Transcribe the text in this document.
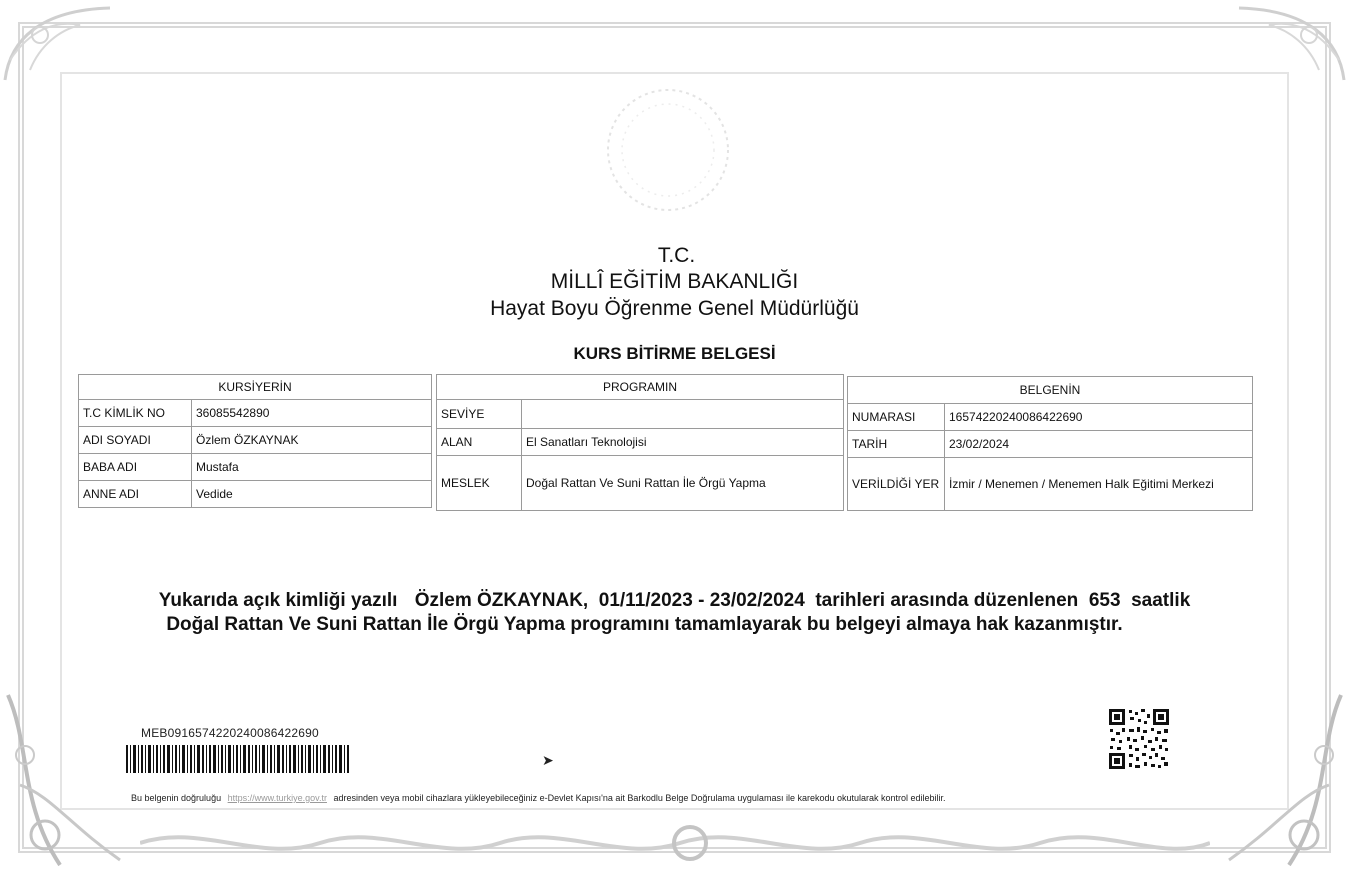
T.C.
MİLLÎ EĞİTİM BAKANLIĞI
Hayat Boyu Öğrenme Genel Müdürlüğü
KURS BİTİRME BELGESİ
KURSİYERİN	
T.C KİMLİK NO	36085542890
ADI SOYADI	Özlem ÖZKAYNAK
BABA ADI	Mustafa
ANNE ADI	Vedide
PROGRAMIN	
SEVİYE	
ALAN	El Sanatları Teknolojisi
MESLEK	Doğal Rattan Ve Suni Rattan İle Örgü Yapma
BELGENİN	
NUMARASI	16574220240086422690
TARİH	23/02/2024
VERİLDİĞİ YER	İzmir / Menemen / Menemen Halk Eğitimi Merkezi
Yukarıda açık kimliği yazılı Özlem ÖZKAYNAK, 01/11/2023 - 23/02/2024 tarihleri arasında düzenlenen 653 saatlik
Doğal Rattan Ve Suni Rattan İle Örgü Yapma programını tamamlayarak bu belgeyi almaya hak kazanmıştır.
MEB09165742202400864226​90
➤
Bu belgenin doğruluğu https://www.turkiye.gov.tr adresinden veya mobil cihazlara yükleyebileceğiniz e-Devlet Kapısı'na ait Barkodlu Belge Doğrulama uygulaması ile karekodu okutularak kontrol edilebilir.
